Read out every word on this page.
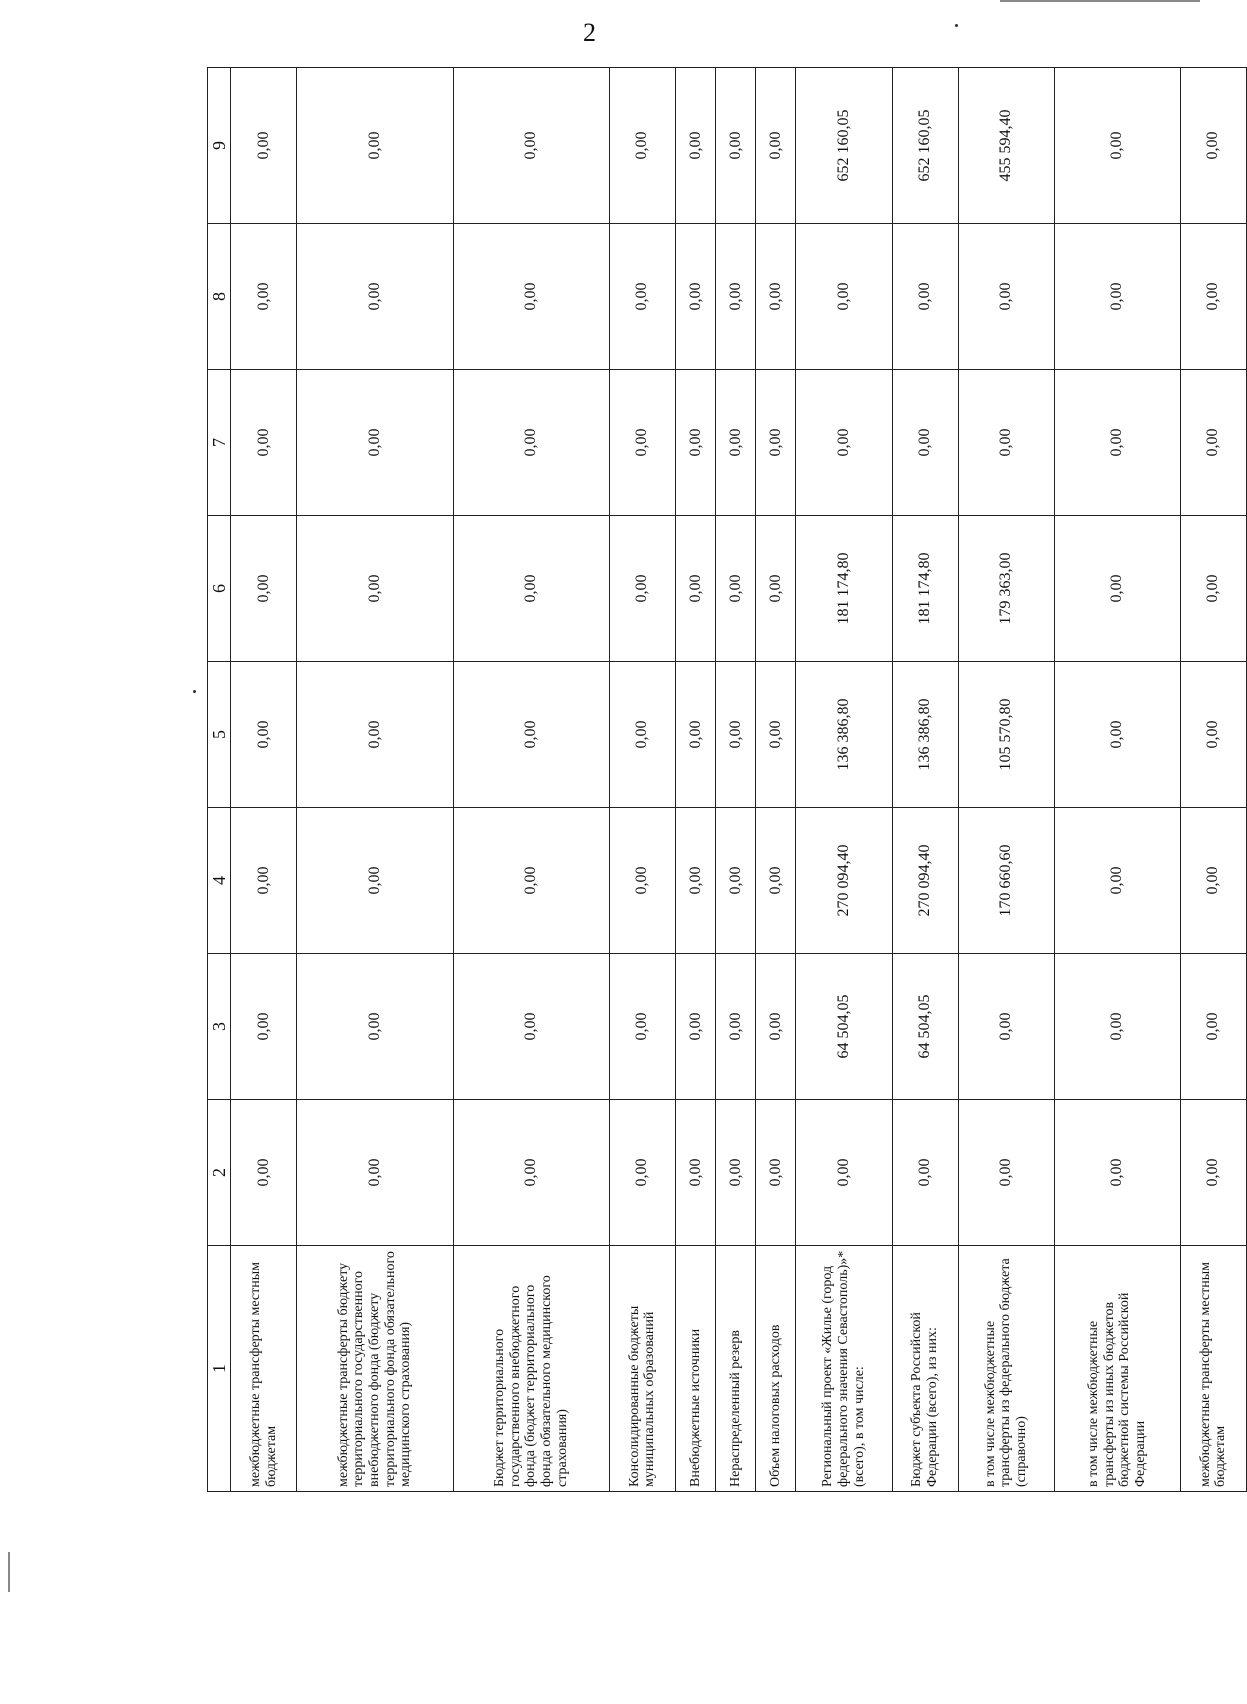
2
1	2	3	4	5	6	7	8	9
межбюджетные трансферты местным бюджетам	0,00	0,00	0,00	0,00	0,00	0,00	0,00	0,00
межбюджетные трансферты бюджету территориального государственного внебюджетного фонда (бюджету территориального фонда обязательного медицинского страхования)	0,00	0,00	0,00	0,00	0,00	0,00	0,00	0,00
Бюджет территориального государственного внебюджетного фонда (бюджет территориального фонда обязательного медицинского страхования)	0,00	0,00	0,00	0,00	0,00	0,00	0,00	0,00
Консолидированные бюджеты муниципальных образований	0,00	0,00	0,00	0,00	0,00	0,00	0,00	0,00
Внебюджетные источники	0,00	0,00	0,00	0,00	0,00	0,00	0,00	0,00
Нераспределенный резерв	0,00	0,00	0,00	0,00	0,00	0,00	0,00	0,00
Объем налоговых расходов	0,00	0,00	0,00	0,00	0,00	0,00	0,00	0,00
Региональный проект «Жилье (город федерального значения Севастополь)»* (всего), в том числе:	0,00	64 504,05	270 094,40	136 386,80	181 174,80	0,00	0,00	652 160,05
Бюджет субъекта Российской Федерации (всего), из них:	0,00	64 504,05	270 094,40	136 386,80	181 174,80	0,00	0,00	652 160,05
в том числе межбюджетные трансферты из федерального бюджета (справочно)	0,00	0,00	170 660,60	105 570,80	179 363,00	0,00	0,00	455 594,40
в том числе межбюджетные трансферты из иных бюджетов бюджетной системы Российской Федерации	0,00	0,00	0,00	0,00	0,00	0,00	0,00	0,00
межбюджетные трансферты местным бюджетам	0,00	0,00	0,00	0,00	0,00	0,00	0,00	0,00
